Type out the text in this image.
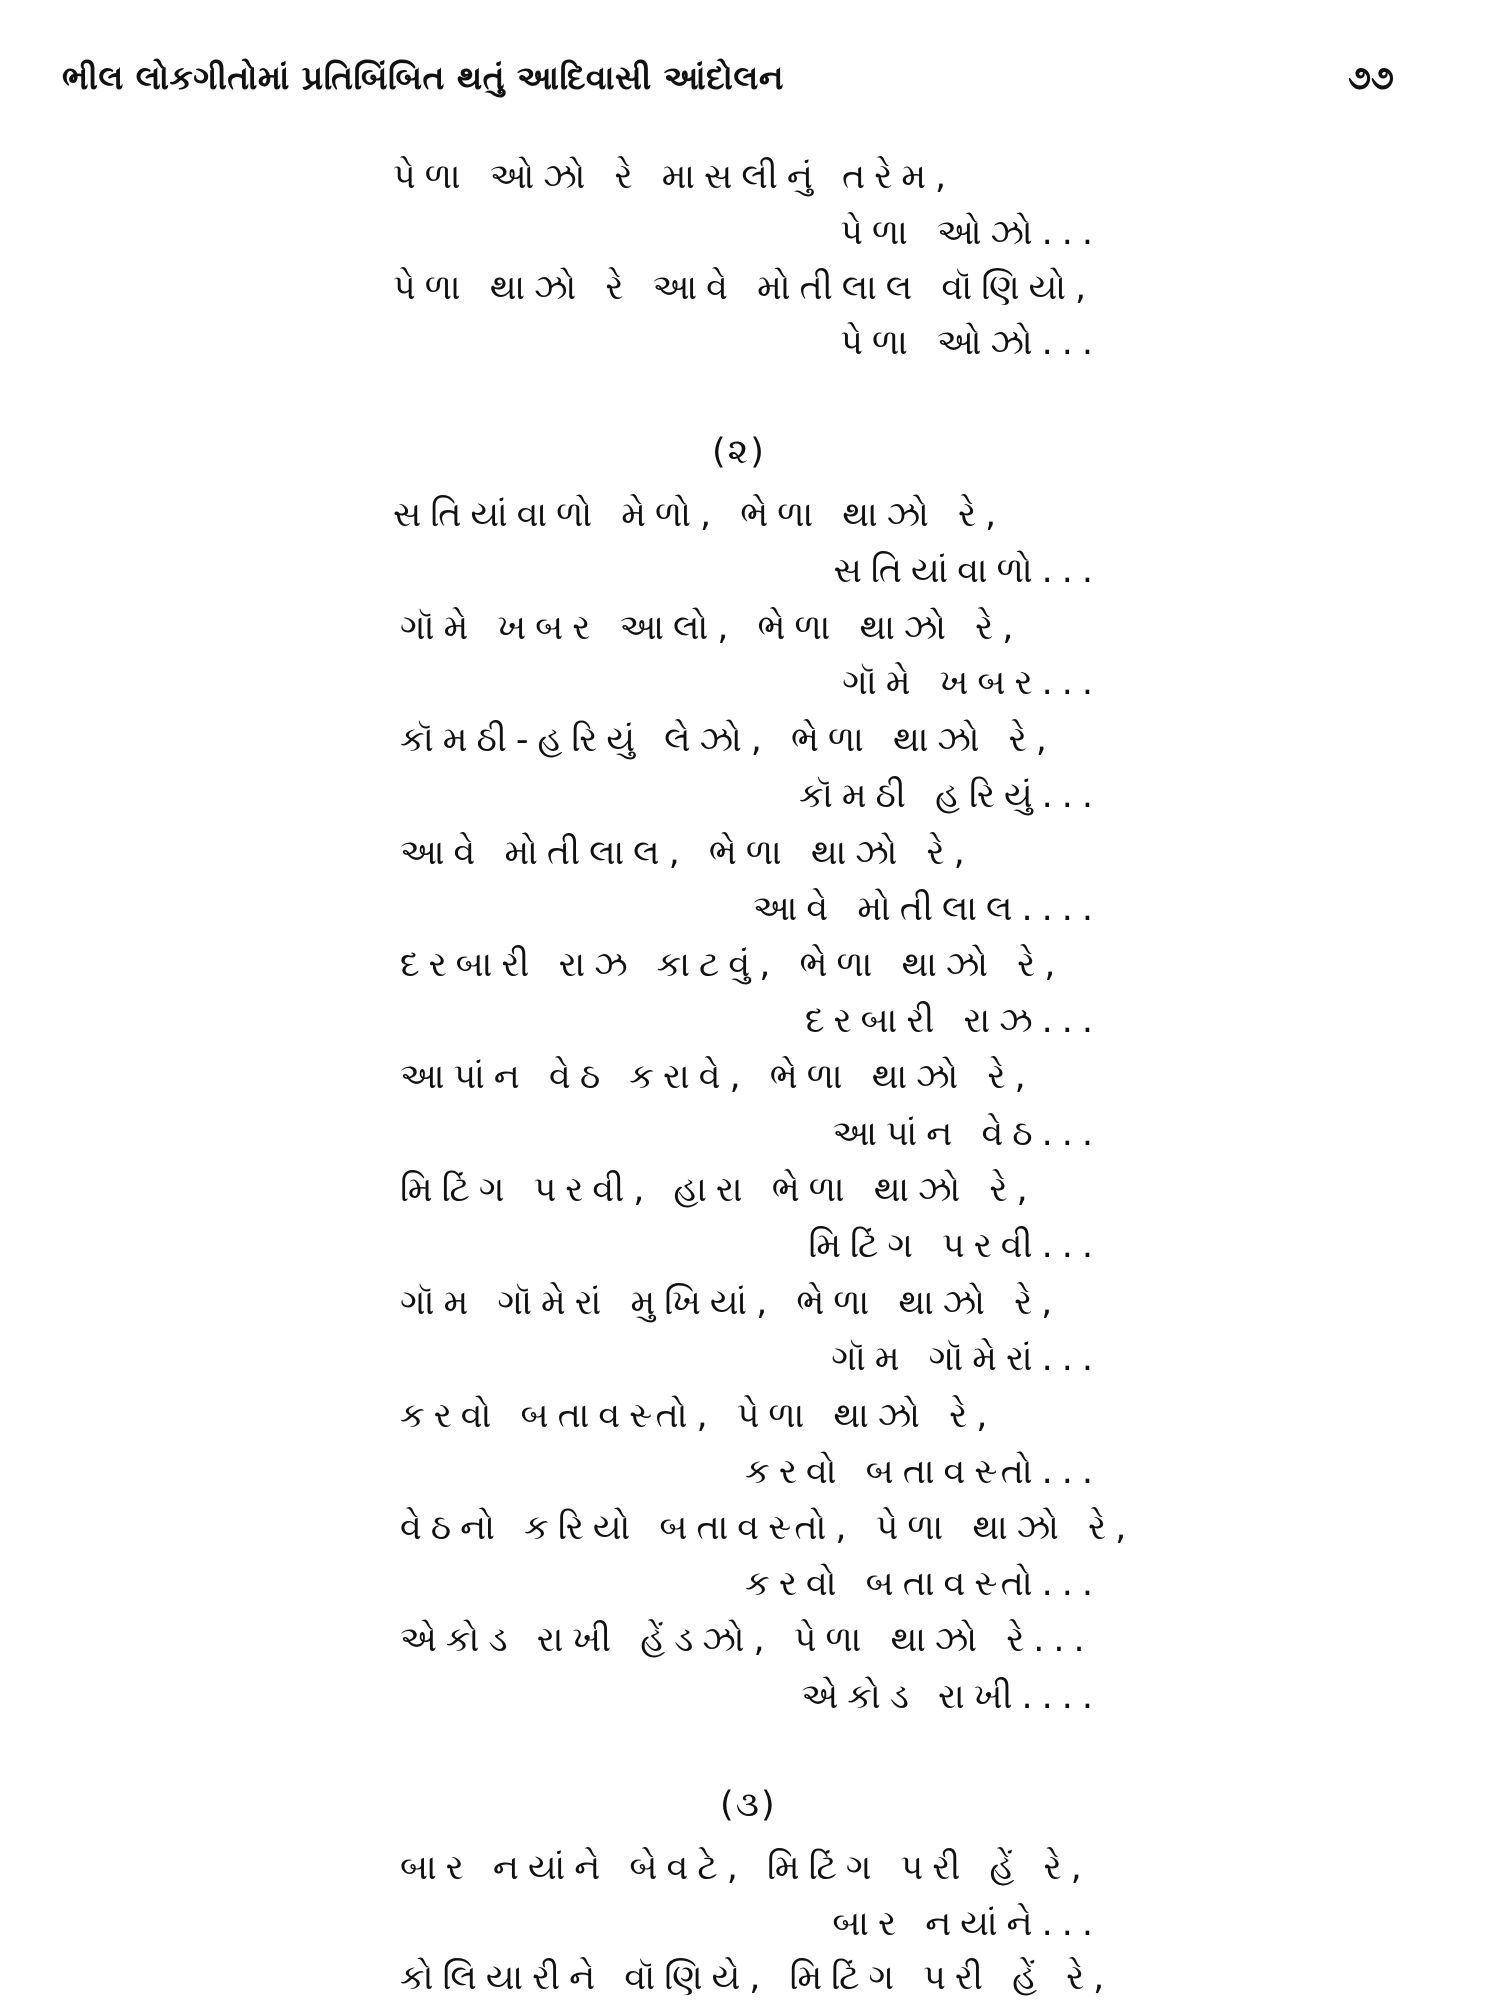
ભીલ લોકગીતોમાં પ્રતિબિંબિત થતું આદિવાસી આંદોલન	૭૭
પેળા ઓઝો રે માસલીનું તરેમ,
પેળા ઓઝો...
પેળા થાઝો રે આવે મોતીલાલ વૉણિયો,
પેળા ઓઝો...
(૨)
સતિયાંવાળો મેળો, ભેળા થાઝો રે,
સતિયાંવાળો...
ગૉમે ખબર આલો, ભેળા થાઝો રે,
ગૉમે ખબર...
કૉમઠી-હરિયું લેઝો, ભેળા થાઝો રે,
કૉમઠી હરિયું...
આવે મોતીલાલ, ભેળા થાઝો રે,
આવે મોતીલાલ....
દરબારી રાઝ કાટવું, ભેળા થાઝો રે,
દરબારી રાઝ...
આપાંન વેઠ કરાવે, ભેળા થાઝો રે,
આપાંન વેઠ...
મિટિંગ પરવી, હારા ભેળા થાઝો રે,
મિટિંગ પરવી...
ગૉમ ગૉમેરાં મુખિયાં, ભેળા થાઝો રે,
ગૉમ ગૉમેરાં...
કરવો બતાવસ્તો, પેળા થાઝો રે,
કરવો બતાવસ્તો...
વેઠનો કરિયો બતાવસ્તો, પેળા થાઝો રે,
કરવો બતાવસ્તો...
એકોડ રાખી હેંડઝો, પેળા થાઝો રે...
એકોડ રાખી....
(૩)
બાર નયાંને બેવટે, મિટિંગ પરી હેં રે,
બાર નયાંને...
કોલિયારીને વૉણિયે, મિટિંગ પરી હેં રે,
